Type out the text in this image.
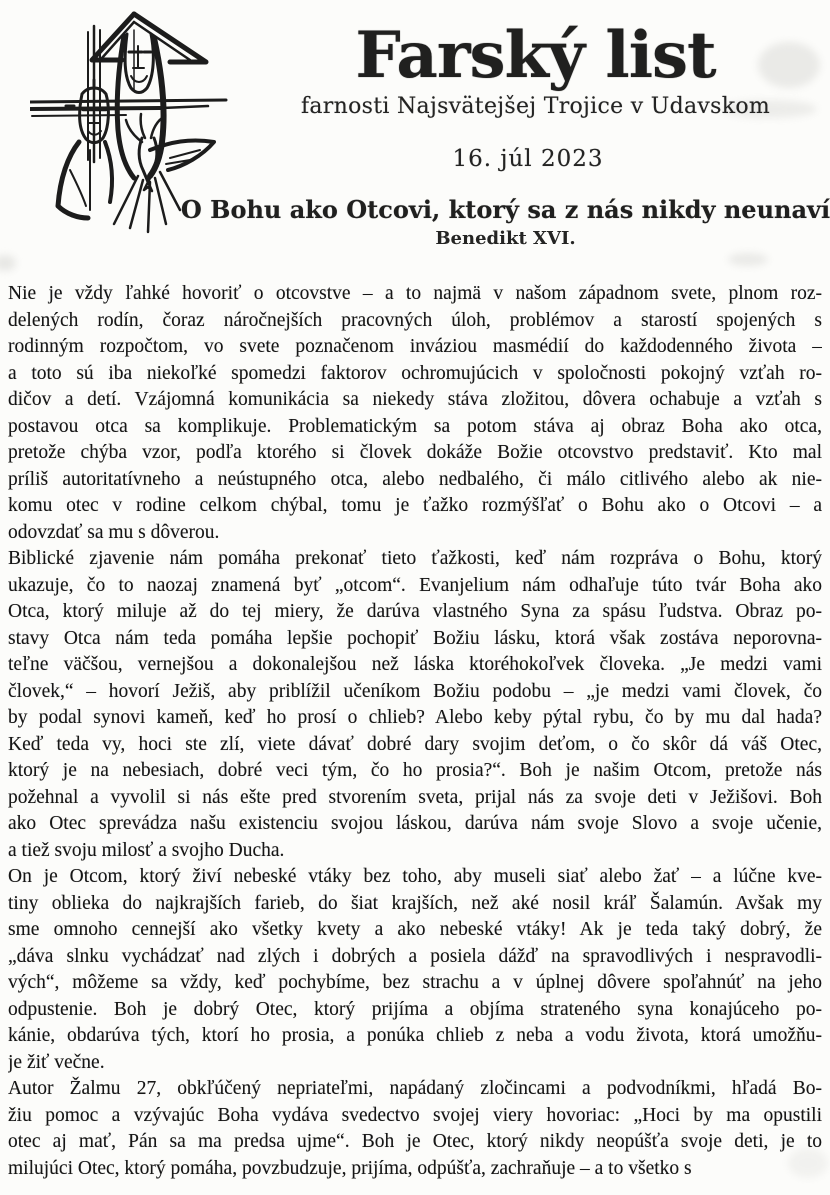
Farský list
farnosti Najsvätejšej Trojice v Udavskom
16. júl 2023
O Bohu ako Otcovi, ktorý sa z nás nikdy neunaví
Benedikt XVI.

Nie je vždy ľahké hovoriť o otcovstve – a to najmä v našom západnom svete, plnom roz-
delených rodín, čoraz náročnejších pracovných úloh, problémov a starostí spojených s
rodinným rozpočtom, vo svete poznačenom inváziou masmédií do každodenného života –
a toto sú iba niekoľké spomedzi faktorov ochromujúcich v spoločnosti pokojný vzťah ro-
dičov a detí. Vzájomná komunikácia sa niekedy stáva zložitou, dôvera ochabuje a vzťah s
postavou otca sa komplikuje. Problematickým sa potom stáva aj obraz Boha ako otca,
pretože chýba vzor, podľa ktorého si človek dokáže Božie otcovstvo predstaviť. Kto mal
príliš autoritatívneho a neústupného otca, alebo nedbalého, či málo citlivého alebo ak nie-
komu otec v rodine celkom chýbal, tomu je ťažko rozmýšľať o Bohu ako o Otcovi – a
odovzdať sa mu s dôverou.

Biblické zjavenie nám pomáha prekonať tieto ťažkosti, keď nám rozpráva o Bohu, ktorý
ukazuje, čo to naozaj znamená byť „otcom“. Evanjelium nám odhaľuje túto tvár Boha ako
Otca, ktorý miluje až do tej miery, že darúva vlastného Syna za spásu ľudstva. Obraz po-
stavy Otca nám teda pomáha lepšie pochopiť Božiu lásku, ktorá však zostáva neporovna-
teľne väčšou, vernejšou a dokonalejšou než láska ktoréhokoľvek človeka. „Je medzi vami
človek,“ – hovorí Ježiš, aby priblížil učeníkom Božiu podobu – „je medzi vami človek, čo
by podal synovi kameň, keď ho prosí o chlieb? Alebo keby pýtal rybu, čo by mu dal hada?
Keď teda vy, hoci ste zlí, viete dávať dobré dary svojim deťom, o čo skôr dá váš Otec,
ktorý je na nebesiach, dobré veci tým, čo ho prosia?“. Boh je našim Otcom, pretože nás
požehnal a vyvolil si nás ešte pred stvorením sveta, prijal nás za svoje deti v Ježišovi. Boh
ako Otec sprevádza našu existenciu svojou láskou, darúva nám svoje Slovo a svoje učenie,
a tiež svoju milosť a svojho Ducha.

On je Otcom, ktorý živí nebeské vtáky bez toho, aby museli siať alebo žať – a lúčne kve-
tiny oblieka do najkrajších farieb, do šiat krajších, než aké nosil kráľ Šalamún. Avšak my
sme omnoho cennejší ako všetky kvety a ako nebeské vtáky! Ak je teda taký dobrý, že
„dáva slnku vychádzať nad zlých i dobrých a posiela dážď na spravodlivých i nespravodli-
vých“, môžeme sa vždy, keď pochybíme, bez strachu a v úplnej dôvere spoľahnúť na jeho
odpustenie. Boh je dobrý Otec, ktorý prijíma a objíma strateného syna konajúceho po-
kánie, obdarúva tých, ktorí ho prosia, a ponúka chlieb z neba a vodu života, ktorá umožňu-
je žiť večne.

Autor Žalmu 27, obkľúčený nepriateľmi, napádaný zločincami a podvodníkmi, hľadá Bo-
žiu pomoc a vzývajúc Boha vydáva svedectvo svojej viery hovoriac: „Hoci by ma opustili
otec aj mať, Pán sa ma predsa ujme“. Boh je Otec, ktorý nikdy neopúšťa svoje deti, je to
milujúci Otec, ktorý pomáha, povzbudzuje, prijíma, odpúšťa, zachraňuje – a to všetko s
